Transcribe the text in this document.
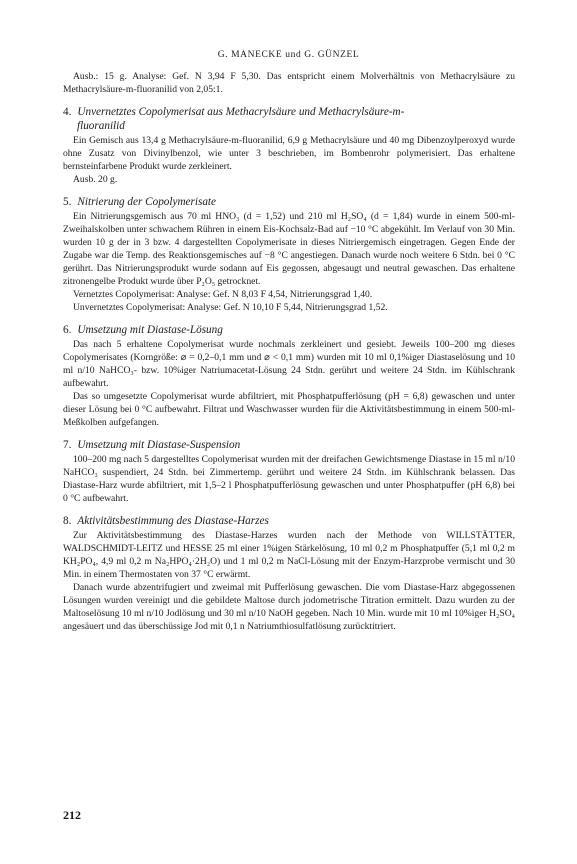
G. MANECKE und G. GÜNZEL

Ausb.: 15 g. Analyse: Gef. N 3,94 F 5,30. Das entspricht einem Molverhältnis von Methacrylsäure zu Methacrylsäure-m-fluoranilid von 2,05:1.

4. Unvernetztes Copolymerisat aus Methacrylsäure und Methacrylsäure-m-
fluoranilid

Ein Gemisch aus 13,4 g Methacrylsäure-m-fluoranilid, 6,9 g Methacrylsäure und 40 mg Dibenzoylperoxyd wurde ohne Zusatz von Divinylbenzol, wie unter 3 beschrieben, im Bombenrohr polymerisiert. Das erhaltene bernsteinfarbene Produkt wurde zerkleinert.

Ausb. 20 g.

5. Nitrierung der Copolymerisate

Ein Nitrierungsgemisch aus 70 ml HNO₃ (d = 1,52) und 210 ml H₂SO₄ (d = 1,84) wurde in einem 500-ml-Zweihalskolben unter schwachem Rühren in einem Eis-Kochsalz-Bad auf −10 °C abgekühlt. Im Verlauf von 30 Min. wurden 10 g der in 3 bzw. 4 dargestellten Copolymerisate in dieses Nitriergemisch eingetragen. Gegen Ende der Zugabe war die Temp. des Reaktionsgemisches auf −8 °C angestiegen. Danach wurde noch weitere 6 Stdn. bei 0 °C gerührt. Das Nitrierungsprodukt wurde sodann auf Eis gegossen, abgesaugt und neutral gewaschen. Das erhaltene zitronengelbe Produkt wurde über P₂O₅ getrocknet.

Vernetztes Copolymerisat: Analyse: Gef. N 8,03 F 4,54, Nitrierungsgrad 1,40.

Unvernetztes Copolymerisat: Analyse: Gef. N 10,10 F 5,44, Nitrierungsgrad 1,52.

6. Umsetzung mit Diastase-Lösung

Das nach 5 erhaltene Copolymerisat wurde nochmals zerkleinert und gesiebt. Jeweils 100–200 mg dieses Copolymerisates (Korngröße: ⌀ = 0,2–0,1 mm und ⌀ < 0,1 mm) wurden mit 10 ml 0,1%iger Diastaselösung und 10 ml n/10 NaHCO₃- bzw. 10%iger Natriumacetat-Lösung 24 Stdn. gerührt und weitere 24 Stdn. im Kühlschrank aufbewahrt.

Das so umgesetzte Copolymerisat wurde abfiltriert, mit Phosphatpufferlösung (pH = 6,8) gewaschen und unter dieser Lösung bei 0 °C aufbewahrt. Filtrat und Waschwasser wurden für die Aktivitätsbestimmung in einem 500-ml-Meßkolben aufgefangen.

7. Umsetzung mit Diastase-Suspension

100–200 mg nach 5 dargestelltes Copolymerisat wurden mit der dreifachen Gewichtsmenge Diastase in 15 ml n/10 NaHCO₃ suspendiert, 24 Stdn. bei Zimmertemp. gerührt und weitere 24 Stdn. im Kühlschrank belassen. Das Diastase-Harz wurde abfiltriert, mit 1,5–2 l Phosphatpufferlösung gewaschen und unter Phosphatpuffer (pH 6,8) bei 0 °C aufbewahrt.

8. Aktivitätsbestimmung des Diastase-Harzes

Zur Aktivitätsbestimmung des Diastase-Harzes wurden nach der Methode von WILLSTÄTTER, WALDSCHMIDT-LEITZ und HESSE 25 ml einer 1%igen Stärkelösung, 10 ml 0,2 m Phosphatpuffer (5,1 ml 0,2 m KH₂PO₄, 4,9 ml 0,2 m Na₂HPO₄·2H₂O) und 1 ml 0,2 m NaCl-Lösung mit der Enzym-Harzprobe vermischt und 30 Min. in einem Thermostaten von 37 °C erwärmt.

Danach wurde abzentrifugiert und zweimal mit Pufferlösung gewaschen. Die vom Diastase-Harz abgegossenen Lösungen wurden vereinigt und die gebildete Maltose durch jodometrische Titration ermittelt. Dazu wurden zu der Maltoselösung 10 ml n/10 Jodlösung und 30 ml n/10 NaOH gegeben. Nach 10 Min. wurde mit 10 ml 10%iger H₂SO₄ angesäuert und das überschüssige Jod mit 0,1 n Natriumthiosulfatlösung zurücktitriert.

212
